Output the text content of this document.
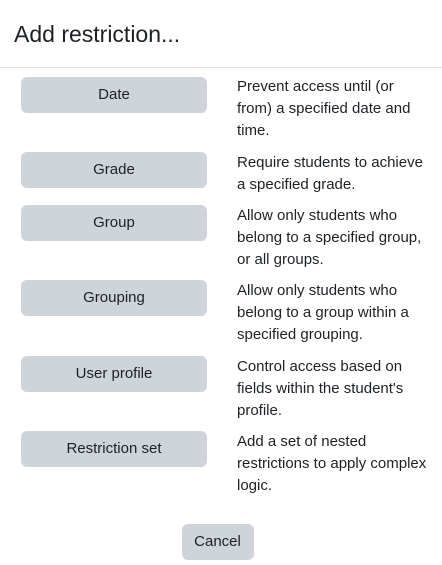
Add restriction...
Date	Prevent access until (or from) a specified date and time.
Grade	Require students to achieve a specified grade.
Group	Allow only students who belong to a specified group, or all groups.
Grouping	Allow only students who belong to a group within a specified grouping.
User profile	Control access based on fields within the student's profile.
Restriction set	Add a set of nested restrictions to apply complex logic.
Cancel
